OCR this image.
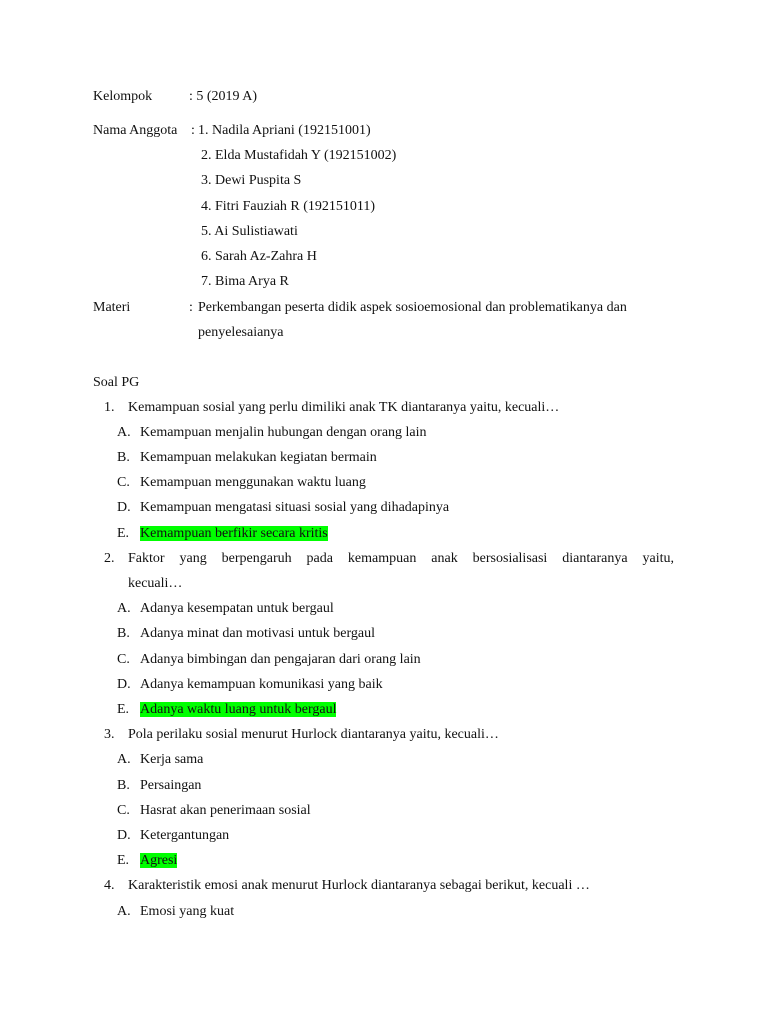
Kelompok	: 5 (2019 A)
Nama Anggota : 1. Nadila Apriani (192151001)
2. Elda Mustafidah Y (192151002)
3. Dewi Puspita S
4. Fitri Fauziah R (192151011)
5. Ai Sulistiawati
6. Sarah Az-Zahra H
7. Bima Arya R
Materi	: Perkembangan peserta didik aspek sosioemosional dan problematikanya dan
penyelesaianya
Soal PG
1. Kemampuan sosial yang perlu dimiliki anak TK diantaranya yaitu, kecuali…
A. Kemampuan menjalin hubungan dengan orang lain
B. Kemampuan melakukan kegiatan bermain
C. Kemampuan menggunakan waktu luang
D. Kemampuan mengatasi situasi sosial yang dihadapinya
E. Kemampuan berfikir secara kritis
2. Faktor yang berpengaruh pada kemampuan anak bersosialisasi diantaranya yaitu,
kecuali…
A. Adanya kesempatan untuk bergaul
B. Adanya minat dan motivasi untuk bergaul
C. Adanya bimbingan dan pengajaran dari orang lain
D. Adanya kemampuan komunikasi yang baik
E. Adanya waktu luang untuk bergaul
3. Pola perilaku sosial menurut Hurlock diantaranya yaitu, kecuali…
A. Kerja sama
B. Persaingan
C. Hasrat akan penerimaan sosial
D. Ketergantungan
E. Agresi
4. Karakteristik emosi anak menurut Hurlock diantaranya sebagai berikut, kecuali …
A. Emosi yang kuat
